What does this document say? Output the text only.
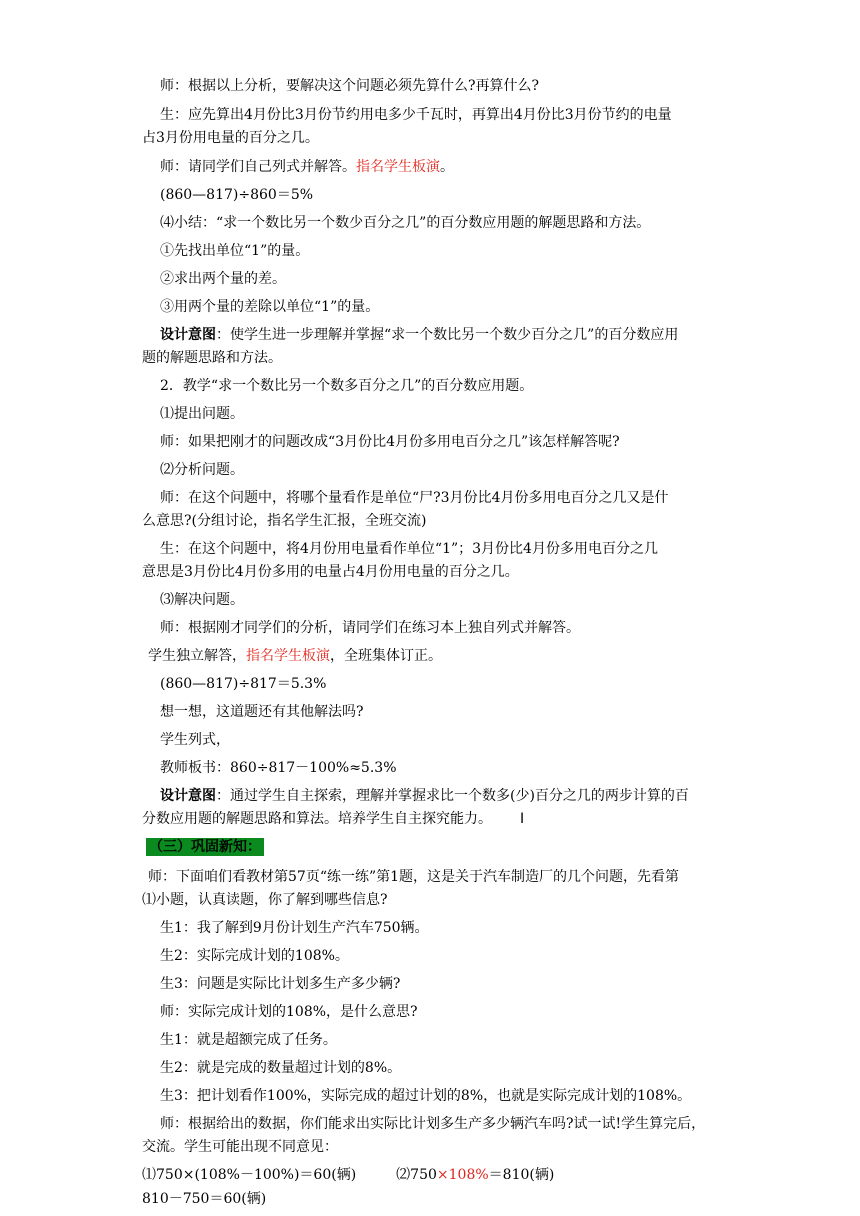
师：根据以上分析，要解决这个问题必须先算什么?再算什么?
生：应先算出4月份比3月份节约用电多少千瓦时，再算出4月份比3月份节约的电量
占3月份用电量的百分之几。
师：请同学们自己列式并解答。指名学生板演。
(860—817)÷860＝5%
⑷小结：“求一个数比另一个数少百分之几”的百分数应用题的解题思路和方法。
①先找出单位“1”的量。
②求出两个量的差。
③用两个量的差除以单位“1”的量。
设计意图：使学生进一步理解并掌握“求一个数比另一个数少百分之几”的百分数应用
题的解题思路和方法。
2．教学“求一个数比另一个数多百分之几”的百分数应用题。
⑴提出问题。
师：如果把刚才的问题改成“3月份比4月份多用电百分之几”该怎样解答呢?
⑵分析问题。
师：在这个问题中，将哪个量看作是单位“尸?3月份比4月份多用电百分之几又是什
么意思?(分组讨论，指名学生汇报，全班交流)
生：在这个问题中，将4月份用电量看作单位“1”；3月份比4月份多用电百分之几
意思是3月份比4月份多用的电量占4月份用电量的百分之几。
⑶解决问题。
师：根据刚才同学们的分析，请同学们在练习本上独自列式并解答。
学生独立解答，指名学生板演，全班集体订正。
(860—817)÷817＝5.3%
想一想，这道题还有其他解法吗?
学生列式，
教师板书：860÷817－100%≈5.3%
设计意图：通过学生自主探索，理解并掌握求比一个数多(少)百分之几的两步计算的百
分数应用题的解题思路和算法。培养学生自主探究能力。 I
（三）巩固新知：
师：下面咱们看教材第57页“练一练”第1题，这是关于汽车制造厂的几个问题，先看第
⑴小题，认真读题，你了解到哪些信息?
生1：我了解到9月份计划生产汽车750辆。
生2：实际完成计划的108%。
生3：问题是实际比计划多生产多少辆?
师：实际完成计划的108%，是什么意思?
生1：就是超额完成了任务。
生2：就是完成的数量超过计划的8%。
生3：把计划看作100%，实际完成的超过计划的8%，也就是实际完成计划的108%。
师：根据给出的数据，你们能求出实际比计划多生产多少辆汽车吗?试一试!学生算完后，
交流。学生可能出现不同意见：
⑴750×(108%－100%)＝60(辆)	⑵750×108%＝810(辆)
810－750＝60(辆)
